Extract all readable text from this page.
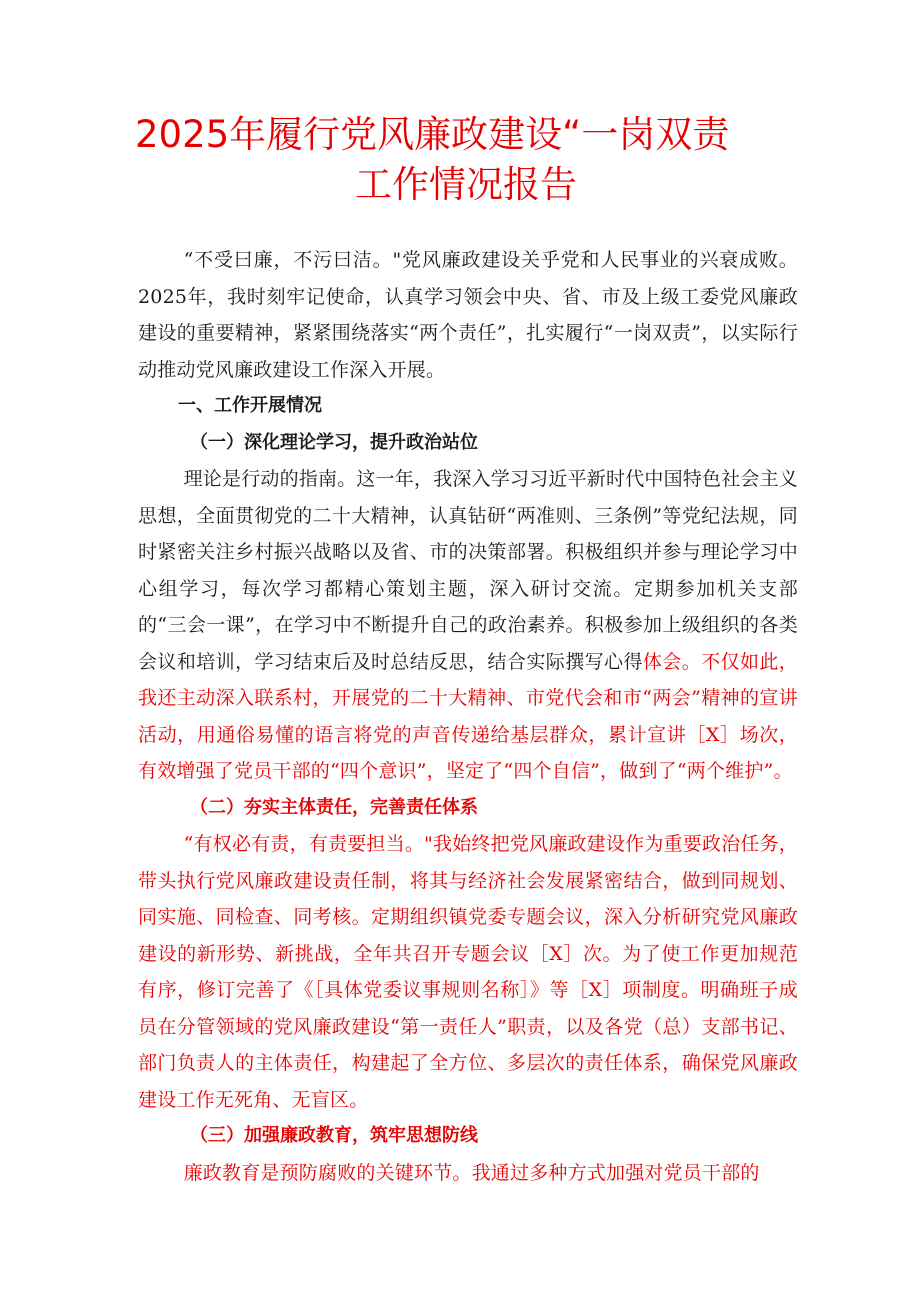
2025年履行党风廉政建设“一岗双责
工作情况报告

“不受曰廉，不污曰洁。"党风廉政建设关乎党和人民事业的兴衰成败。2025年，我时刻牢记使命，认真学习领会中央、省、市及上级工委党风廉政建设的重要精神，紧紧围绕落实“两个责任”，扎实履行“一岗双责”，以实际行动推动党风廉政建设工作深入开展。

一、工作开展情况

（一）深化理论学习，提升政治站位

理论是行动的指南。这一年，我深入学习习近平新时代中国特色社会主义思想，全面贯彻党的二十大精神，认真钻研“两准则、三条例”等党纪法规，同时紧密关注乡村振兴战略以及省、市的决策部署。积极组织并参与理论学习中心组学习，每次学习都精心策划主题，深入研讨交流。定期参加机关支部的“三会一课”，在学习中不断提升自己的政治素养。积极参加上级组织的各类会议和培训，学习结束后及时总结反思，结合实际撰写心得体会。不仅如此，我还主动深入联系村，开展党的二十大精神、市党代会和市“两会”精神的宣讲活动，用通俗易懂的语言将党的声音传递给基层群众，累计宣讲［X］场次，有效增强了党员干部的“四个意识”，坚定了“四个自信”，做到了“两个维护”。

（二）夯实主体责任，完善责任体系

“有权必有责，有责要担当。"我始终把党风廉政建设作为重要政治任务，带头执行党风廉政建设责任制，将其与经济社会发展紧密结合，做到同规划、同实施、同检查、同考核。定期组织镇党委专题会议，深入分析研究党风廉政建设的新形势、新挑战，全年共召开专题会议［X］次。为了使工作更加规范有序，修订完善了《［具体党委议事规则名称］》等［X］项制度。明确班子成员在分管领域的党风廉政建设“第一责任人”职责，以及各党（总）支部书记、部门负责人的主体责任，构建起了全方位、多层次的责任体系，确保党风廉政建设工作无死角、无盲区。

（三）加强廉政教育，筑牢思想防线

廉政教育是预防腐败的关键环节。我通过多种方式加强对党员干部的
